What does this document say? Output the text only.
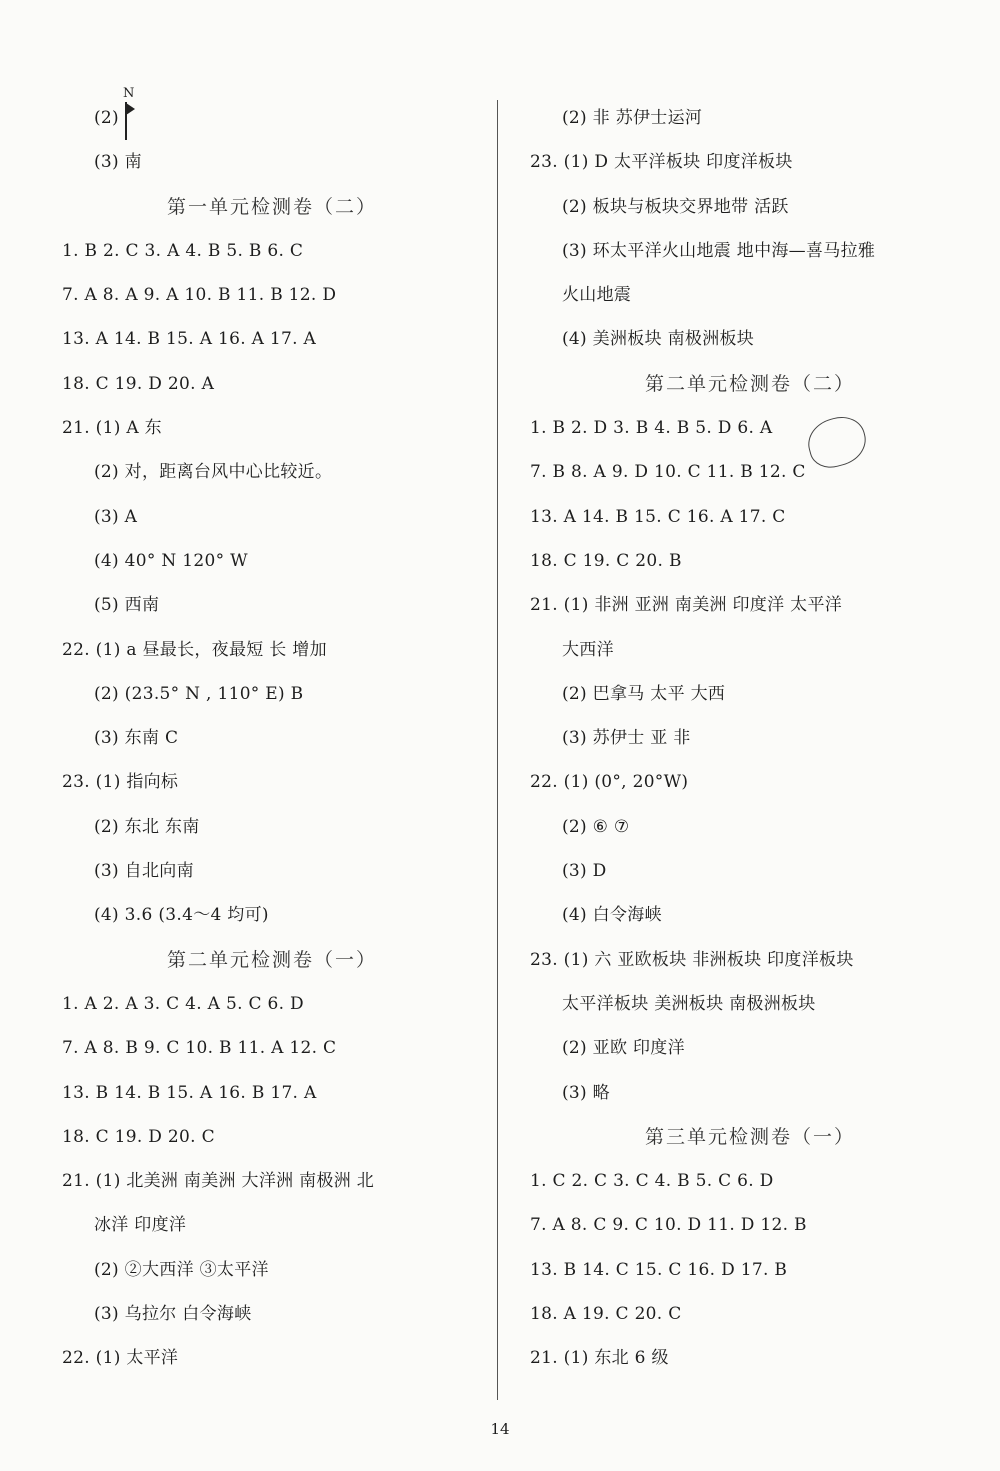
(2)
N
(3) 南
第一单元检测卷（二）
1. B 2. C 3. A 4. B 5. B 6. C
7. A 8. A 9. A 10. B 11. B 12. D
13. A 14. B 15. A 16. A 17. A
18. C 19. D 20. A
21. (1) A 东
(2) 对，距离台风中心比较近。
(3) A
(4) 40° N 120° W
(5) 西南
22. (1) a 昼最长，夜最短 长 增加
(2) (23.5° N , 110° E) B
(3) 东南 C
23. (1) 指向标
(2) 东北 东南
(3) 自北向南
(4) 3.6 (3.4～4 均可)
第二单元检测卷（一）
1. A 2. A 3. C 4. A 5. C 6. D
7. A 8. B 9. C 10. B 11. A 12. C
13. B 14. B 15. A 16. B 17. A
18. C 19. D 20. C
21. (1) 北美洲 南美洲 大洋洲 南极洲 北
冰洋 印度洋
(2) ②大西洋 ③太平洋
(3) 乌拉尔 白令海峡
22. (1) 太平洋
(2) 非 苏伊士运河
23. (1) D 太平洋板块 印度洋板块
(2) 板块与板块交界地带 活跃
(3) 环太平洋火山地震 地中海—喜马拉雅
火山地震
(4) 美洲板块 南极洲板块
第二单元检测卷（二）
1. B 2. D 3. B 4. B 5. D 6. A
7. B 8. A 9. D 10. C 11. B 12. C
13. A 14. B 15. C 16. A 17. C
18. C 19. C 20. B
21. (1) 非洲 亚洲 南美洲 印度洋 太平洋
大西洋
(2) 巴拿马 太平 大西
(3) 苏伊士 亚 非
22. (1) (0°, 20°W)
(2) ⑥ ⑦
(3) D
(4) 白令海峡
23. (1) 六 亚欧板块 非洲板块 印度洋板块
太平洋板块 美洲板块 南极洲板块
(2) 亚欧 印度洋
(3) 略
第三单元检测卷（一）
1. C 2. C 3. C 4. B 5. C 6. D
7. A 8. C 9. C 10. D 11. D 12. B
13. B 14. C 15. C 16. D 17. B
18. A 19. C 20. C
21. (1) 东北 6 级
14
